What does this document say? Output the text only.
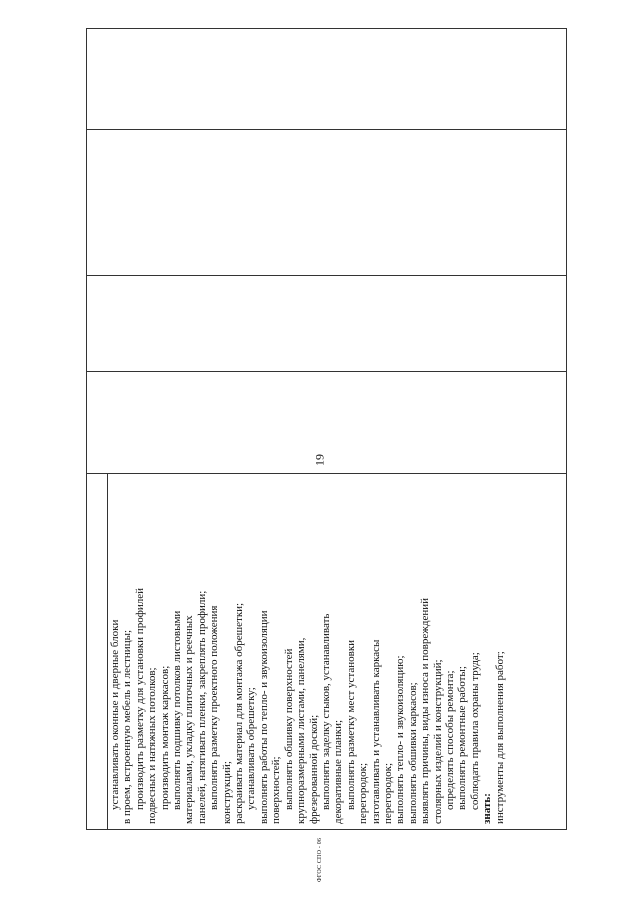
19
устанавливать оконные и дверные блоки в проем, встроенную мебель и лестницы; производить разметку для установки профилей подвесных и натяжных потолков; производить монтаж каркасов; выполнять подшивку потолков листовыми материалами, укладку плиточных и реечных панелей, натягивать пленки, закреплять профили; выполнять разметку проектного положения конструкций; раскраивать материал для монтажа обрешетки; устанавливать обрешетку; выполнять работы по тепло- и звукоизоляции поверхностей; выполнять обшивку поверхностей крупноразмерными листами, панелями, фрезерованной доской; выполнять заделку стыков, устанавливать декоративные планки; выполнять разметку мест установки перегородок; изготавливать и устанавливать каркасы перегородок; выполнять тепло- и звукоизоляцию; выполнять обшивки каркасов; выявлять причины, виды износа и повреждений столярных изделий и конструкций; определять способы ремонта; выполнять ремонтные работы; соблюдать правила охраны труда; знать: инструменты для выполнения работ;
ФГОС СПО - 06
